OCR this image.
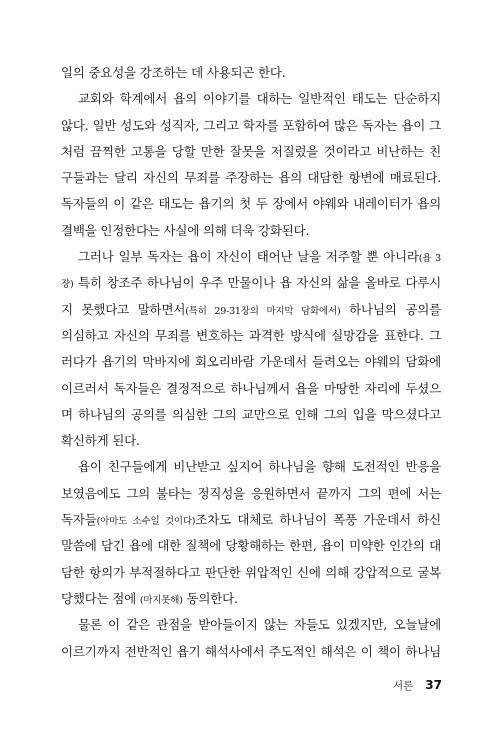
일의 중요성을 강조하는 데 사용되곤 한다.
교회와 학계에서 욥의 이야기를 대하는 일반적인 태도는 단순하지
않다. 일반 성도와 성직자, 그리고 학자를 포함하여 많은 독자는 욥이 그
처럼 끔찍한 고통을 당할 만한 잘못을 저질렀을 것이라고 비난하는 친
구들과는 달리 자신의 무죄를 주장하는 욥의 대담한 항변에 매료된다.
독자들의 이 같은 태도는 욥기의 첫 두 장에서 야웨와 내레이터가 욥의
결백을 인정한다는 사실에 의해 더욱 강화된다.
그러나 일부 독자는 욥이 자신이 태어난 날을 저주할 뿐 아니라(욥 3
장) 특히 창조주 하나님이 우주 만물이나 욥 자신의 삶을 올바로 다루시
지 못했다고 말하면서(특히 29-31장의 마지막 담화에서) 하나님의 공의를
의심하고 자신의 무죄를 변호하는 과격한 방식에 실망감을 표한다. 그
러다가 욥기의 막바지에 회오리바람 가운데서 들려오는 야웨의 담화에
이르러서 독자들은 결정적으로 하나님께서 욥을 마땅한 자리에 두셨으
며 하나님의 공의를 의심한 그의 교만으로 인해 그의 입을 막으셨다고
확신하게 된다.
욥이 친구들에게 비난받고 싶지어 하나님을 향해 도전적인 반응을
보였음에도 그의 불타는 정직성을 응원하면서 끝까지 그의 편에 서는
독자들(아마도 소수일 것이다)조차도 대체로 하나님이 폭풍 가운데서 하신
말씀에 담긴 욥에 대한 질책에 당황해하는 한편, 욥이 미약한 인간의 대
담한 항의가 부적절하다고 판단한 위압적인 신에 의해 강압적으로 굴복
당했다는 점에 (마지못해) 동의한다.
물론 이 같은 관점을 받아들이지 않는 자들도 있겠지만, 오늘날에
이르기까지 전반적인 욥기 해석사에서 주도적인 해석은 이 책이 하나님
서론 37
